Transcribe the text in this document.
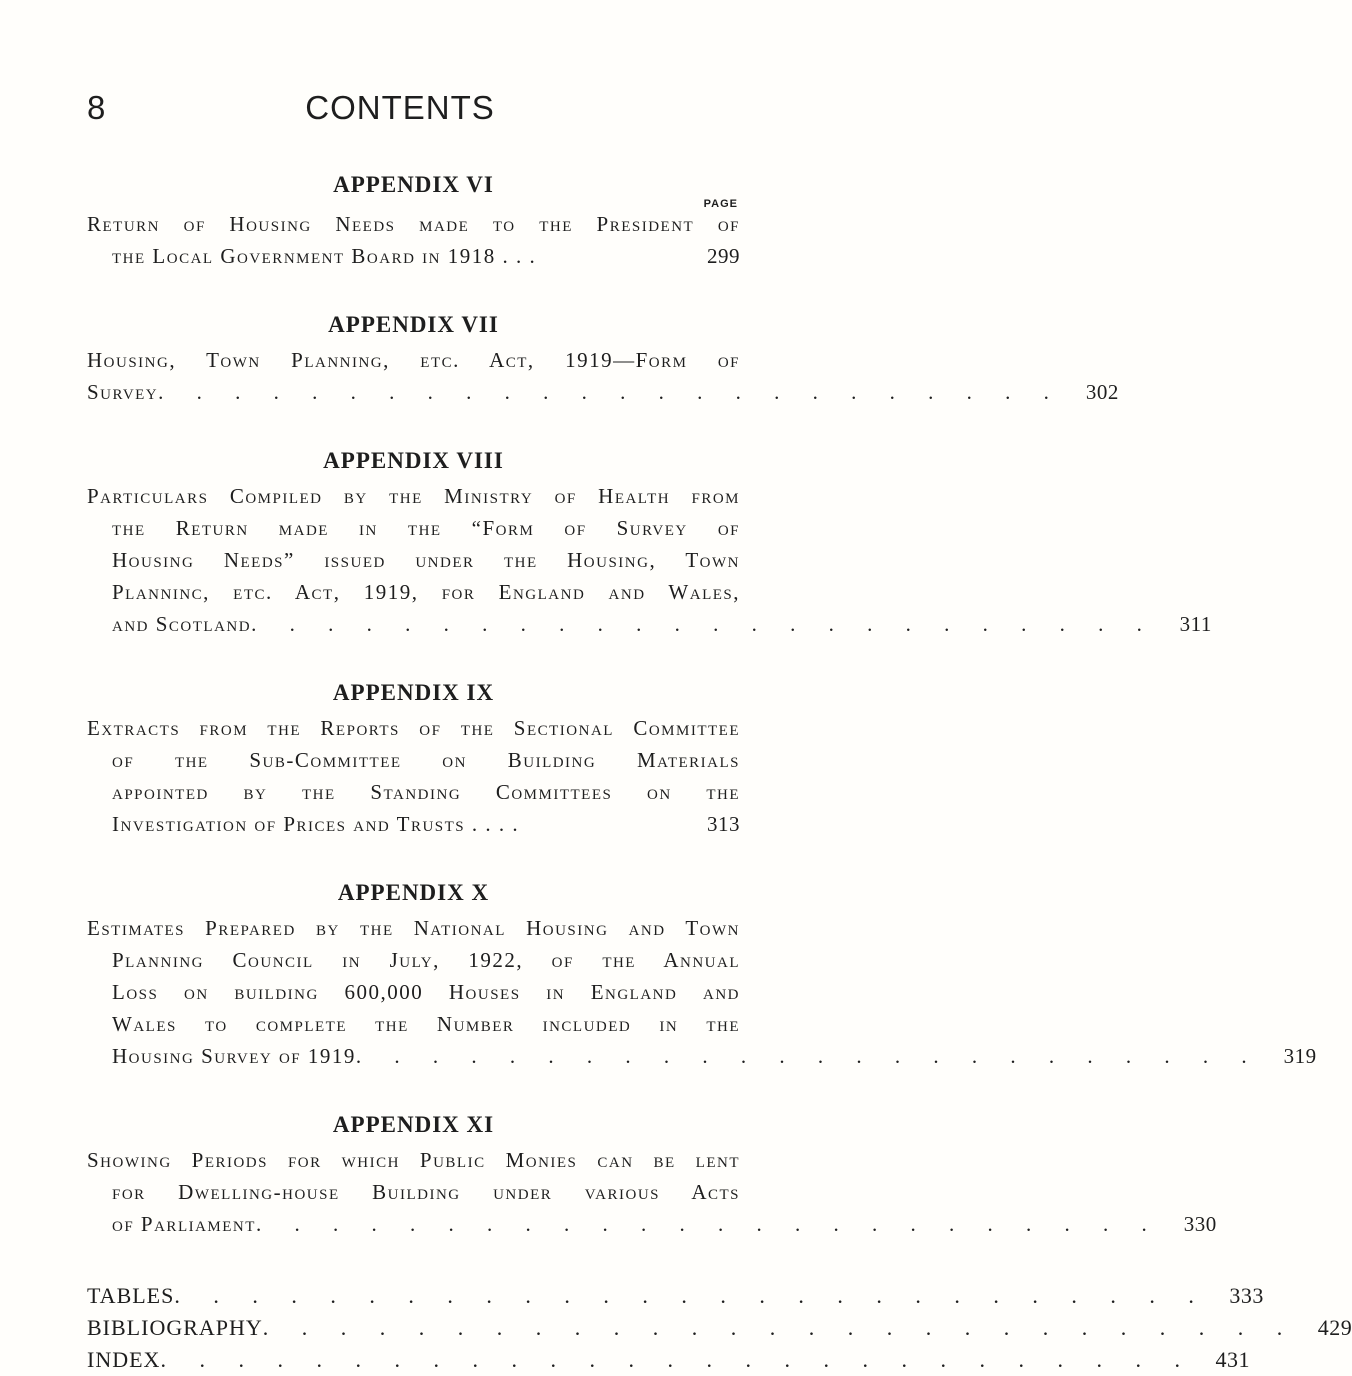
8	CONTENTS
APPENDIX VI
PAGE
Return of Housing Needs made to the President of
the Local Government Board in 1918 . . .	299
APPENDIX VII
Housing, Town Planning, etc. Act, 1919—Form of
Survey . . . . . . . . . . . . . . . . . . . . . . . .	302
APPENDIX VIII
Particulars Compiled by the Ministry of Health from
the Return made in the “Form of Survey of
Housing Needs” issued under the Housing, Town
Planninc, etc. Act, 1919, for England and Wales,
and Scotland . . . . . . . . . . . . . . . . . . . . . . . .	311
APPENDIX IX
Extracts from the Reports of the Sectional Committee
of the Sub-Committee on Building Materials
appointed by the Standing Committees on the
Investigation of Prices and Trusts . . . .	313
APPENDIX X
Estimates Prepared by the National Housing and Town
Planning Council in July, 1922, of the Annual
Loss on building 600,000 Houses in England and
Wales to complete the Number included in the
Housing Survey of 1919 . . . . . . . . . . . . . . . . . . . . . . . .	319
APPENDIX XI
Showing Periods for which Public Monies can be lent
for Dwelling-house Building under various Acts
of Parliament . . . . . . . . . . . . . . . . . . . . . . . .	330
TABLES . . . . . . . . . . . . . . . . . . . . . . . . . . . 333
BIBLIOGRAPHY . . . . . . . . . . . . . . . . . . . . . . . . . . . 429
INDEX . . . . . . . . . . . . . . . . . . . . . . . . . . . 431
